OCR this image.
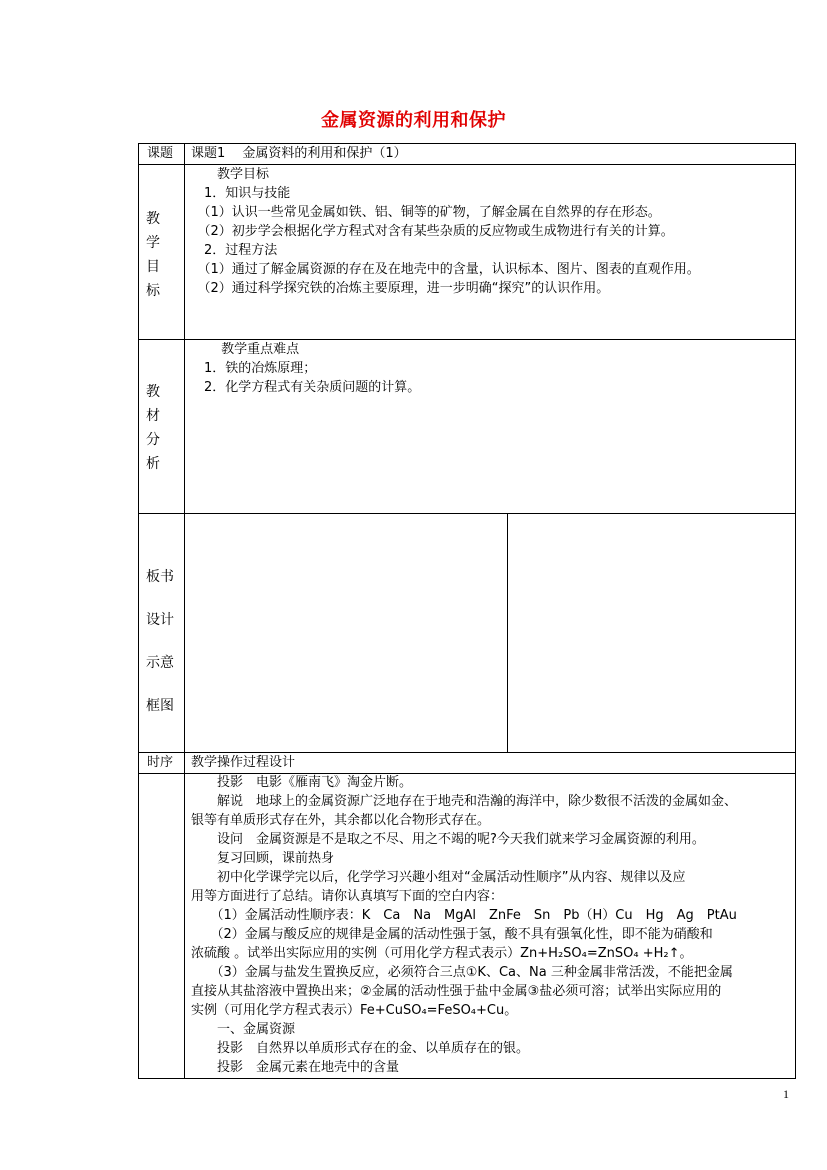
金属资源的利用和保护
课题 课题1　 金属资料的利用和保护（1）
教
学
目
标
　　教学目标
　1．知识与技能
　（1）认识一些常见金属如铁、铝、铜等的矿物，了解金属在自然界的存在形态。
　（2）初步学会根据化学方程式对含有某些杂质的反应物或生成物进行有关的计算。
　2．过程方法
　（1）通过了解金属资源的存在及在地壳中的含量，认识标本、图片、图表的直观作用。
　（2）通过科学探究铁的冶炼主要原理，进一步明确“探究”的认识作用。
教
材
分
析
　　 教学重点难点
　1．铁的冶炼原理；
　2．化学方程式有关杂质问题的计算。
板书
设计
示意
框图
时序 教学操作过程设计
　　投影　电影《雁南飞》淘金片断。
　　解说　地球上的金属资源广泛地存在于地壳和浩瀚的海洋中，除少数很不活泼的金属如金、
银等有单质形式存在外，其余都以化合物形式存在。
　　设问　金属资源是不是取之不尽、用之不竭的呢?今天我们就来学习金属资源的利用。
　　复习回顾，课前热身
　　初中化学课学完以后，化学学习兴趣小组对“金属活动性顺序”从内容、规律以及应
用等方面进行了总结。请你认真填写下面的空白内容：
　　（1）金属活动性顺序表：K　Ca　Na　MgAl　ZnFe　Sn　Pb（H）Cu　Hg　Ag　PtAu
　　（2）金属与酸反应的规律是金属的活动性强于氢，酸不具有强氧化性，即不能为硝酸和
浓硫酸 。试举出实际应用的实例（可用化学方程式表示）Zn+H₂SO₄=ZnSO₄ +H₂↑。
　　（3）金属与盐发生置换反应，必须符合三点①K、Ca、Na 三种金属非常活泼，不能把金属
直接从其盐溶液中置换出来；②金属的活动性强于盐中金属③盐必须可溶；试举出实际应用的
实例（可用化学方程式表示）Fe+CuSO₄=FeSO₄+Cu。
　　一、金属资源
　　投影　自然界以单质形式存在的金、以单质存在的银。
　　投影　金属元素在地壳中的含量
1
